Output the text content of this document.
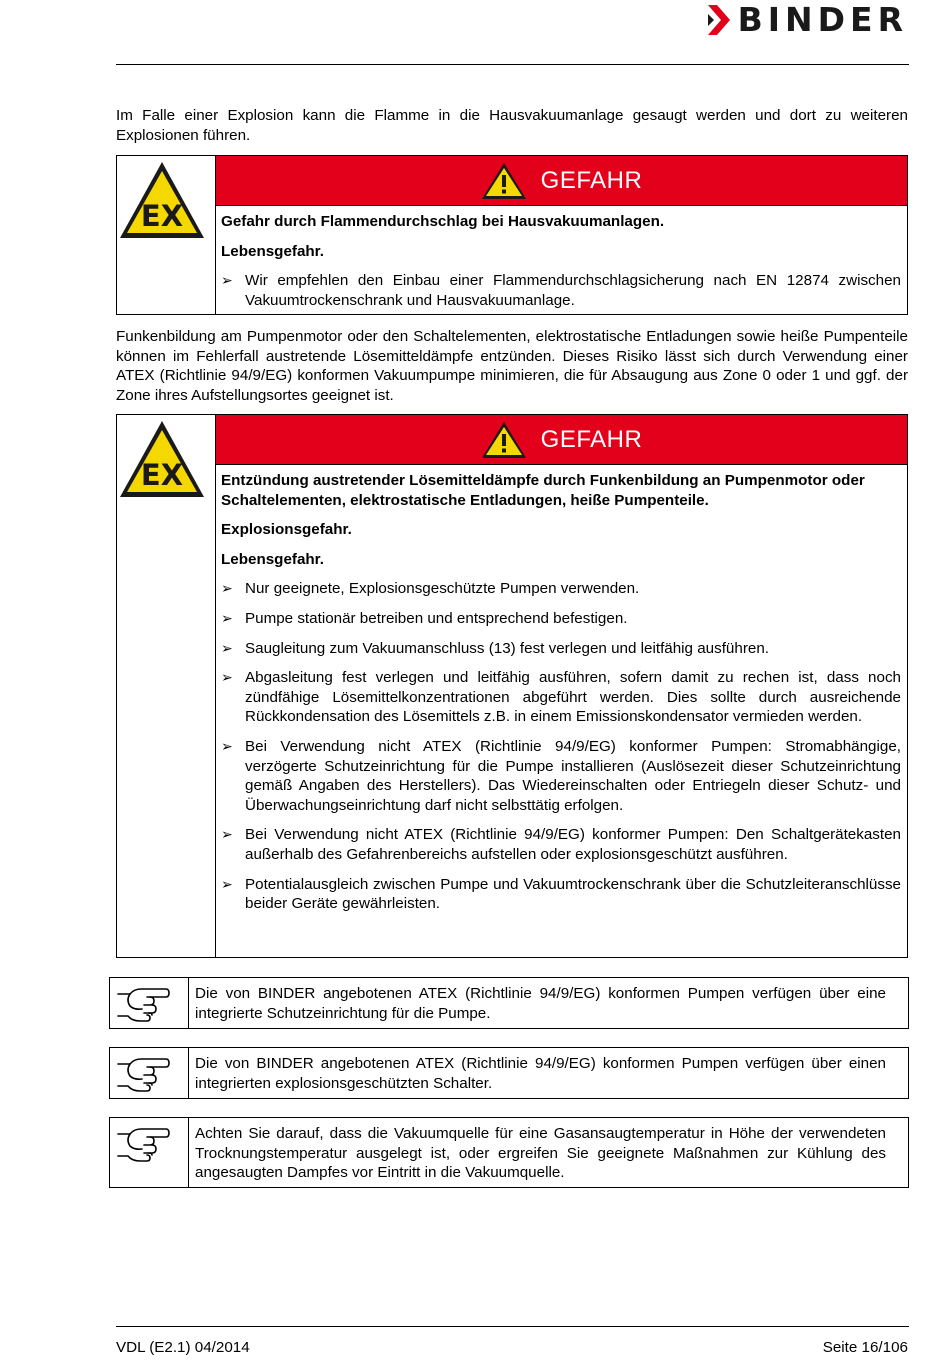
BINDER

Im Falle einer Explosion kann die Flamme in die Hausvakuumanlage gesaugt werden und dort zu weiteren Explosionen führen.

EX
GEFAHR

Gefahr durch Flammendurchschlag bei Hausvakuumanlagen.

Lebensgefahr.

➢ Wir empfehlen den Einbau einer Flammendurchschlagsicherung nach EN 12874 zwischen Vakuumtrockenschrank und Hausvakuumanlage.

Funkenbildung am Pumpenmotor oder den Schaltelementen, elektrostatische Entladungen sowie heiße Pumpenteile können im Fehlerfall austretende Lösemitteldämpfe entzünden. Dieses Risiko lässt sich durch Verwendung einer ATEX (Richtlinie 94/9/EG) konformen Vakuumpumpe minimieren, die für Absaugung aus Zone 0 oder 1 und ggf. der Zone ihres Aufstellungsortes geeignet ist.

EX
GEFAHR

Entzündung austretender Lösemitteldämpfe durch Funkenbildung an Pumpenmotor oder Schaltelementen, elektrostatische Entladungen, heiße Pumpenteile.

Explosionsgefahr.

Lebensgefahr.

➢ Nur geeignete, Explosionsgeschützte Pumpen verwenden.
➢ Pumpe stationär betreiben und entsprechend befestigen.
➢ Saugleitung zum Vakuumanschluss (13) fest verlegen und leitfähig ausführen.
➢ Abgasleitung fest verlegen und leitfähig ausführen, sofern damit zu rechen ist, dass noch zündfähige Lösemittelkonzentrationen abgeführt werden. Dies sollte durch ausreichende Rückkondensation des Lösemittels z.B. in einem Emissionskondensator vermieden werden.
➢ Bei Verwendung nicht ATEX (Richtlinie 94/9/EG) konformer Pumpen: Stromabhängige, verzögerte Schutzeinrichtung für die Pumpe installieren (Auslösezeit dieser Schutzeinrichtung gemäß Angaben des Herstellers). Das Wiedereinschalten oder Entriegeln dieser Schutz- und Überwachungseinrichtung darf nicht selbsttätig erfolgen.
➢ Bei Verwendung nicht ATEX (Richtlinie 94/9/EG) konformer Pumpen: Den Schaltgerätekasten außerhalb des Gefahrenbereichs aufstellen oder explosionsgeschützt ausführen.
➢ Potentialausgleich zwischen Pumpe und Vakuumtrockenschrank über die Schutzleiteranschlüsse beider Geräte gewährleisten.
Die von BINDER angebotenen ATEX (Richtlinie 94/9/EG) konformen Pumpen verfügen über eine integrierte Schutzeinrichtung für die Pumpe.
Die von BINDER angebotenen ATEX (Richtlinie 94/9/EG) konformen Pumpen verfügen über einen integrierten explosionsgeschützten Schalter.
Achten Sie darauf, dass die Vakuumquelle für eine Gasansaugtemperatur in Höhe der verwendeten Trocknungstemperatur ausgelegt ist, oder ergreifen Sie geeignete Maßnahmen zur Kühlung des angesaugten Dampfes vor Eintritt in die Vakuumquelle.
VDL (E2.1) 04/2014	Seite 16/106
